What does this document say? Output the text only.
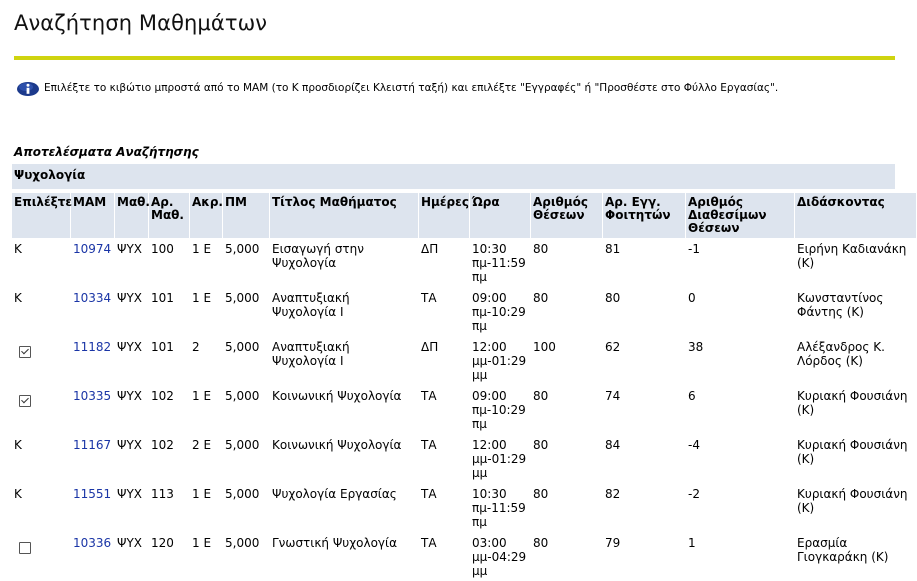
Αναζήτηση Μαθημάτων
Επιλέξτε το κιβώτιο μπροστά από το ΜΑΜ (το Κ προσδιορίζει Κλειστή ταξή) και επιλέξτε "Εγγραφές" ή "Προσθέστε στο Φύλλο Εργασίας".
Αποτελέσματα Αναζήτησης
Ψυχολογία
Επιλέξτε	ΜΑΜ	Μαθ.	Αρ. Μαθ.	Ακρ.	ΠΜ	Τίτλος Μαθήματος	Ημέρες	Ώρα	Αριθμός Θέσεων	Αρ. Εγγ. Φοιτητών	Αριθμός Διαθεσίμων Θέσεων	Διδάσκοντας
Κ	10974	ΨΥΧ	100	1 Ε	5,000	Εισαγωγή στην Ψυχολογία	ΔΠ	10:30 πμ-11:59 πμ	80	81	-1	Ειρήνη Καδιανάκη (Κ)
Κ	10334	ΨΥΧ	101	1 Ε	5,000	Αναπτυξιακή Ψυχολογία Ι	ΤΑ	09:00 πμ-10:29 πμ	80	80	0	Κωνσταντίνος Φάντης (Κ)
	11182	ΨΥΧ	101	2	5,000	Αναπτυξιακή Ψυχολογία Ι	ΔΠ	12:00 μμ-01:29 μμ	100	62	38	Αλέξανδρος Κ. Λόρδος (Κ)
	10335	ΨΥΧ	102	1 Ε	5,000	Κοινωνική Ψυχολογία	ΤΑ	09:00 πμ-10:29 πμ	80	74	6	Κυριακή Φουσιάνη (Κ)
Κ	11167	ΨΥΧ	102	2 Ε	5,000	Κοινωνική Ψυχολογία	ΤΑ	12:00 μμ-01:29 μμ	80	84	-4	Κυριακή Φουσιάνη (Κ)
Κ	11551	ΨΥΧ	113	1 Ε	5,000	Ψυχολογία Εργασίας	ΤΑ	10:30 πμ-11:59 πμ	80	82	-2	Κυριακή Φουσιάνη (Κ)
	10336	ΨΥΧ	120	1 Ε	5,000	Γνωστική Ψυχολογία	ΤΑ	03:00 μμ-04:29 μμ	80	79	1	Ερασμία Γιογκαράκη (Κ)
